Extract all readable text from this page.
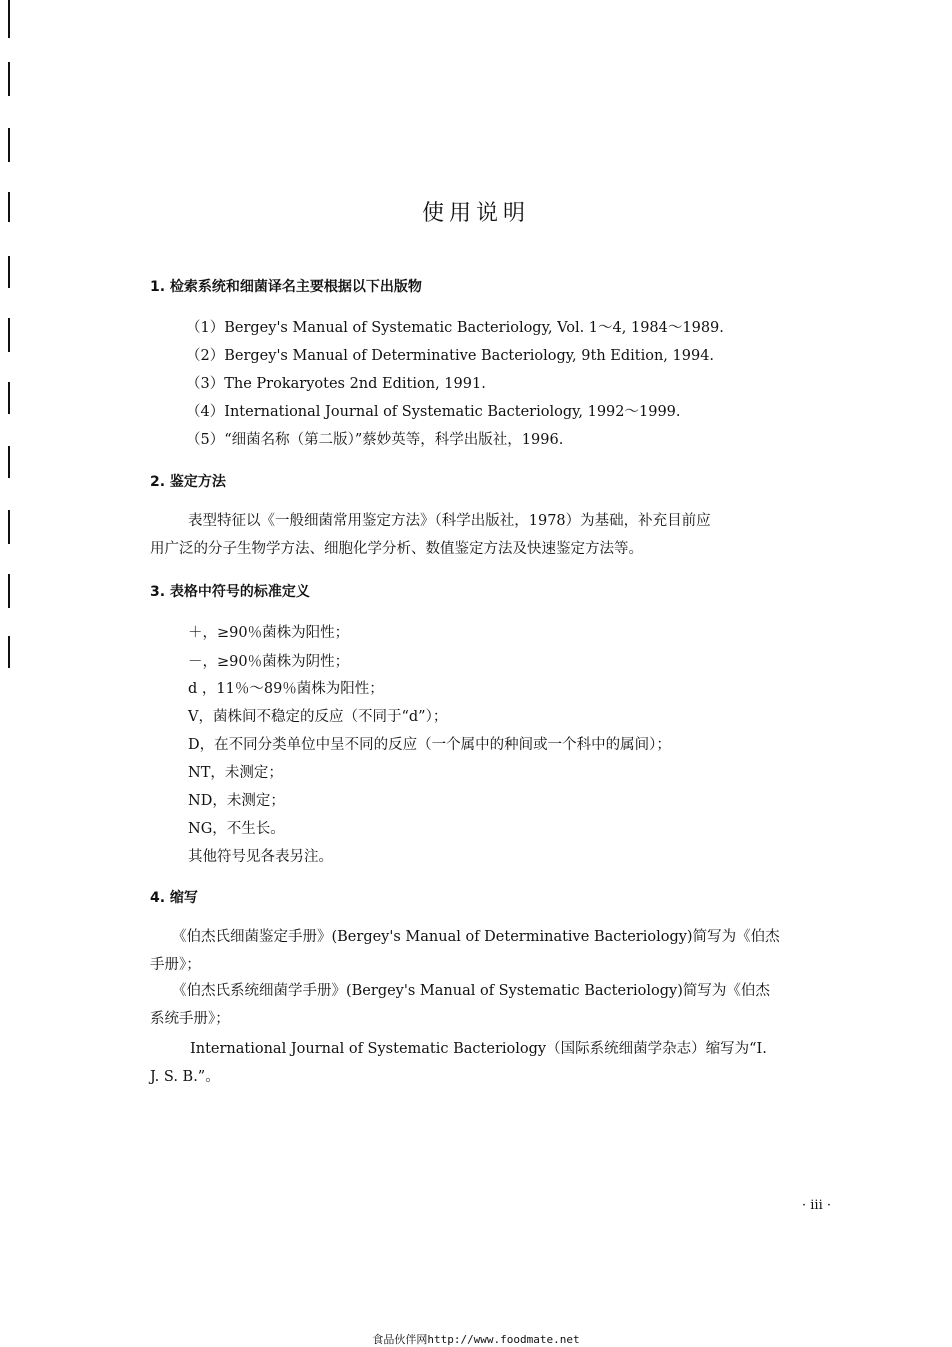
使用说明
1. 检索系统和细菌译名主要根据以下出版物
（1）Bergey's Manual of Systematic Bacteriology, Vol. 1～4, 1984～1989.
（2）Bergey's Manual of Determinative Bacteriology, 9th Edition, 1994.
（3）The Prokaryotes 2nd Edition, 1991.
（4）International Journal of Systematic Bacteriology, 1992～1999.
（5）“细菌名称（第二版）”蔡妙英等，科学出版社，1996.
2. 鉴定方法
表型特征以《一般细菌常用鉴定方法》（科学出版社，1978）为基础，补充目前应
用广泛的分子生物学方法、细胞化学分析、数值鉴定方法及快速鉴定方法等。
3. 表格中符号的标准定义
＋，≥90％菌株为阳性；
－，≥90％菌株为阴性；
d ，11％～89％菌株为阳性；
V，菌株间不稳定的反应（不同于“d”）；
D，在不同分类单位中呈不同的反应（一个属中的种间或一个科中的属间）；
NT，未测定；
ND，未测定；
NG，不生长。
其他符号见各表另注。
4. 缩写
《伯杰氏细菌鉴定手册》(Bergey's Manual of Determinative Bacteriology)简写为《伯杰
手册》；
《伯杰氏系统细菌学手册》(Bergey's Manual of Systematic Bacteriology)简写为《伯杰
系统手册》；
International Journal of Systematic Bacteriology（国际系统细菌学杂志）缩写为“I.
J. S. B.”。
· iii ·
食品伙伴网http://www.foodmate.net
